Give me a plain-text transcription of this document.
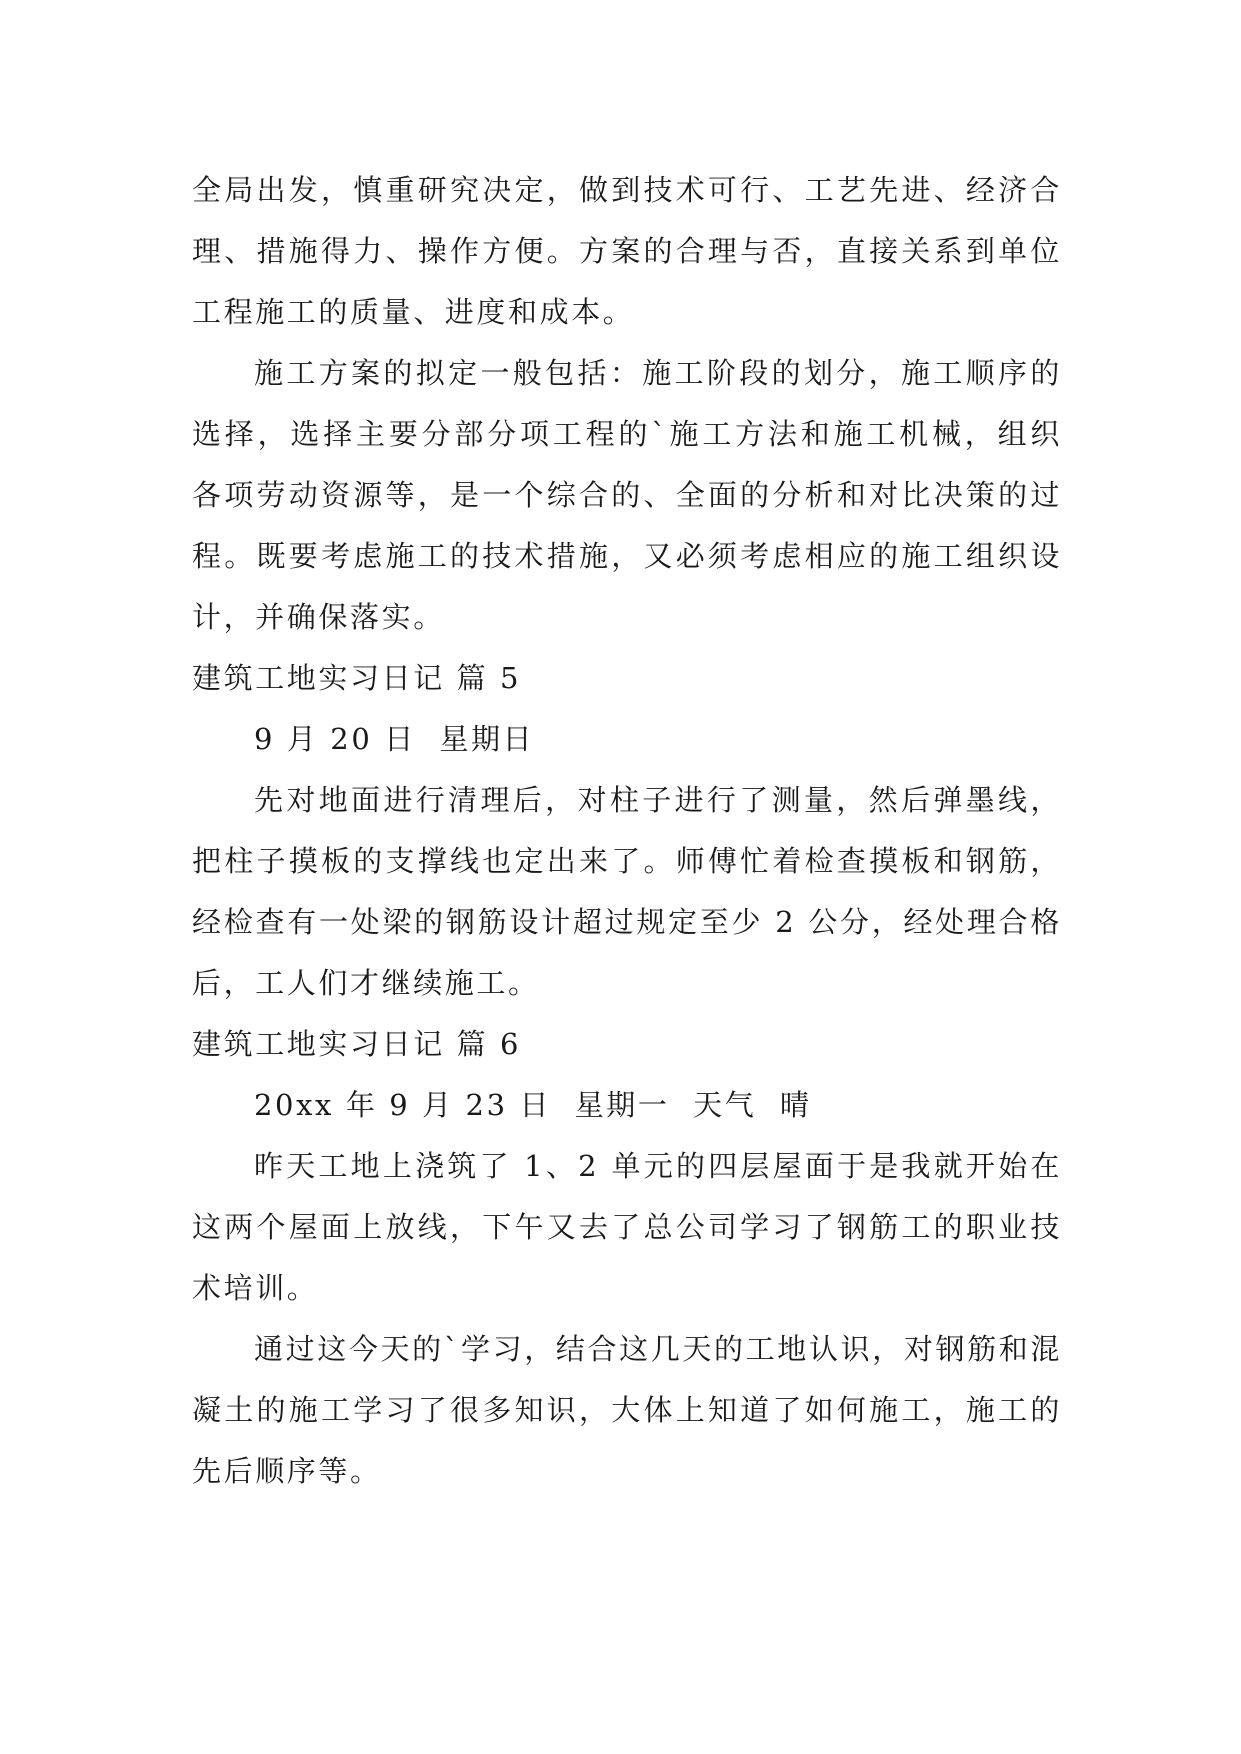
全局出发，慎重研究决定，做到技术可行、工艺先进、经济合理、措施得力、操作方便。方案的合理与否，直接关系到单位工程施工的质量、进度和成本。

施工方案的拟定一般包括：施工阶段的划分，施工顺序的选择，选择主要分部分项工程的`施工方法和施工机械，组织各项劳动资源等，是一个综合的、全面的分析和对比决策的过程。既要考虑施工的技术措施，又必须考虑相应的施工组织设计，并确保落实。

建筑工地实习日记 篇 5

9 月 20 日  星期日

先对地面进行清理后，对柱子进行了测量，然后弹墨线，把柱子摸板的支撑线也定出来了。师傅忙着检查摸板和钢筋，经检查有一处梁的钢筋设计超过规定至少 2 公分，经处理合格后，工人们才继续施工。

建筑工地实习日记 篇 6

20xx 年 9 月 23 日  星期一  天气  晴

昨天工地上浇筑了 1、2 单元的四层屋面于是我就开始在这两个屋面上放线，下午又去了总公司学习了钢筋工的职业技术培训。

通过这今天的`学习，结合这几天的工地认识，对钢筋和混凝土的施工学习了很多知识，大体上知道了如何施工，施工的先后顺序等。
